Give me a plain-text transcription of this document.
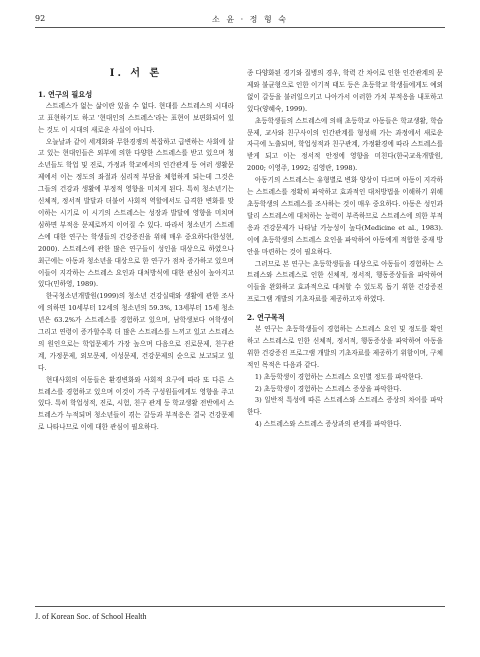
92	소 윤 · 정 형 숙
I. 서 론
1. 연구의 필요성

스트레스가 없는 삶이란 있을 수 없다. 현대를 스트레스의 시대라고 표현하기도 하고 '현대인의 스트레스'라는 표현이 보편화되어 있는 것도 이 시대의 새로운 사실이 아니다.

오늘날과 같이 세계화와 무한경쟁의 복잡하고 급변하는 사회에 살고 있는 현대인들은 외부에 의한 다양한 스트레스를 받고 있으며 청소년들도 학업 및 진로, 가정과 학교에서의 인간관계 등 여러 생활문제에서 이는 정도의 좌절과 심리적 부담을 체험하게 되는데 그것은 그들의 건강과 생활에 부정적 영향을 미치게 된다. 특히 청소년기는 신체적, 정서적 발달과 더불어 사회적 역할에서도 급격한 변화를 맞이하는 시기로 이 시기의 스트레스는 성장과 발달에 영향을 미치며 심하면 부적응 문제로까지 이어질 수 있다. 따라서 청소년기 스트레스에 대한 연구는 학생들의 건강증진을 위해 매우 중요하다(한성현, 2000). 스트레스에 관한 많은 연구들이 성인을 대상으로 하였으나 최근에는 아동과 청소년을 대상으로 한 연구가 점차 증가하고 있으며 이들이 지각하는 스트레스 요인과 대처방식에 대한 관심이 높아지고 있다(민하영, 1989).

한국청소년개발원(1999)의 청소년 건강실태와 생활에 관한 조사에 의하면 10세부터 12세의 청소년의 59.3%, 13세부터 15세 청소년은 63.2%가 스트레스를 경험하고 있으며, 남학생보다 여학생이 그리고 연령이 증가할수록 더 많은 스트레스를 느끼고 있고 스트레스의 원인으로는 학업문제가 가장 높으며 다음으로 진로문제, 친구관계, 가정문제, 외모문제, 이성문제, 건강문제의 순으로 보고되고 있다.

현대사회의 이동들은 환경변화와 사회적 요구에 따라 또 다른 스트레스를 경험하고 있으며 이것이 가족 구성원들에게도 영향을 주고 있다. 특히 학업성적, 진로, 시험, 친구 관계 등 학교생활 전반에서 스트레스가 누적되며 청소년들이 겪는 갈등과 부적응은 결국 건강문제로 나타나므로 이에 대한 관심이 필요하다.

종 다양화된 경기와 질병의 경우, 학력 간 차이로 인한 인간관계의 문제와 불균형으로 인한 이기적 태도 등은 초등학교 학생들에게도 예외 없이 갈등을 불러일으키고 나아가서 이러한 가치 부적응을 내포하고 있다(양혜숙, 1999).

초등학생들의 스트레스에 의해 초등학교 아동들은 학교생활, 학습문제, 교사와 친구사이의 인간관계를 형성해 가는 과정에서 새로운 자극에 노출되며, 학업성적과 친구관계, 가정환경에 따라 스트레스를 받게 되고 이는 정서적 안정에 영향을 미친다(한국교육개발원, 2000; 이영주, 1992; 김영란, 1998).

아동기의 스트레스는 유형별로 변화 양상이 다르며 아동이 지각하는 스트레스를 정확히 파악하고 효과적인 대처방법을 이해하기 위해 초등학생의 스트레스를 조사하는 것이 매우 중요하다. 아동은 성인과 달리 스트레스에 대처하는 능력이 부족하므로 스트레스에 의한 부적응과 건강문제가 나타날 가능성이 높다(Medicine et al., 1983). 이에 초등학생의 스트레스 요인을 파악하여 아동에게 적합한 중재 방안을 마련하는 것이 필요하다.

그러므로 본 연구는 초등학생들을 대상으로 아동들이 경험하는 스트레스와 스트레스로 인한 신체적, 정서적, 행동증상들을 파악하여 이들을 완화하고 효과적으로 대처할 수 있도록 돕기 위한 건강증진 프로그램 개발의 기초자료를 제공하고자 하였다.

2. 연구목적

본 연구는 초등학생들이 경험하는 스트레스 요인 및 정도를 확인하고 스트레스로 인한 신체적, 정서적, 행동증상을 파악하여 아동을 위한 건강증진 프로그램 개발의 기초자료를 제공하기 위함이며, 구체적인 목적은 다음과 같다.

1) 초등학생이 경험하는 스트레스 요인별 정도를 파악한다.

2) 초등학생이 경험하는 스트레스 증상을 파악한다.

3) 일반적 특성에 따른 스트레스와 스트레스 증상의 차이를 파악한다.

4) 스트레스와 스트레스 증상과의 관계를 파악한다.

J. of Korean Soc. of School Health
